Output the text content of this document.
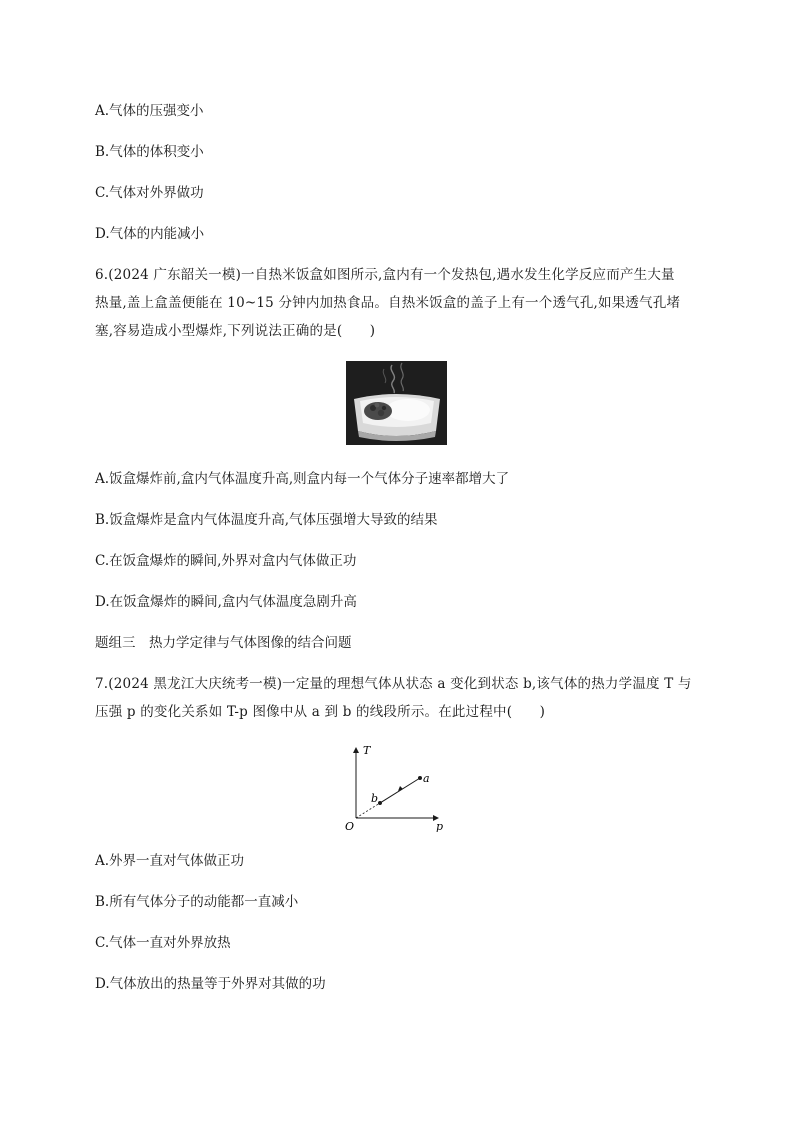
A.气体的压强变小
B.气体的体积变小
C.气体对外界做功
D.气体的内能减小
6.(2024 广东韶关一模)一自热米饭盒如图所示,盒内有一个发热包,遇水发生化学反应而产生大量
热量,盖上盒盖便能在 10~15 分钟内加热食品。自热米饭盒的盖子上有一个透气孔,如果透气孔堵
塞,容易造成小型爆炸,下列说法正确的是(　　)
A.饭盒爆炸前,盒内气体温度升高,则盒内每一个气体分子速率都增大了
B.饭盒爆炸是盒内气体温度升高,气体压强增大导致的结果
C.在饭盒爆炸的瞬间,外界对盒内气体做正功
D.在饭盒爆炸的瞬间,盒内气体温度急剧升高
题组三　热力学定律与气体图像的结合问题
7.(2024 黑龙江大庆统考一模)一定量的理想气体从状态 a 变化到状态 b,该气体的热力学温度 T 与
压强 p 的变化关系如 T-p 图像中从 a 到 b 的线段所示。在此过程中(　　)
T
p
O
a
b
A.外界一直对气体做正功
B.所有气体分子的动能都一直减小
C.气体一直对外界放热
D.气体放出的热量等于外界对其做的功
